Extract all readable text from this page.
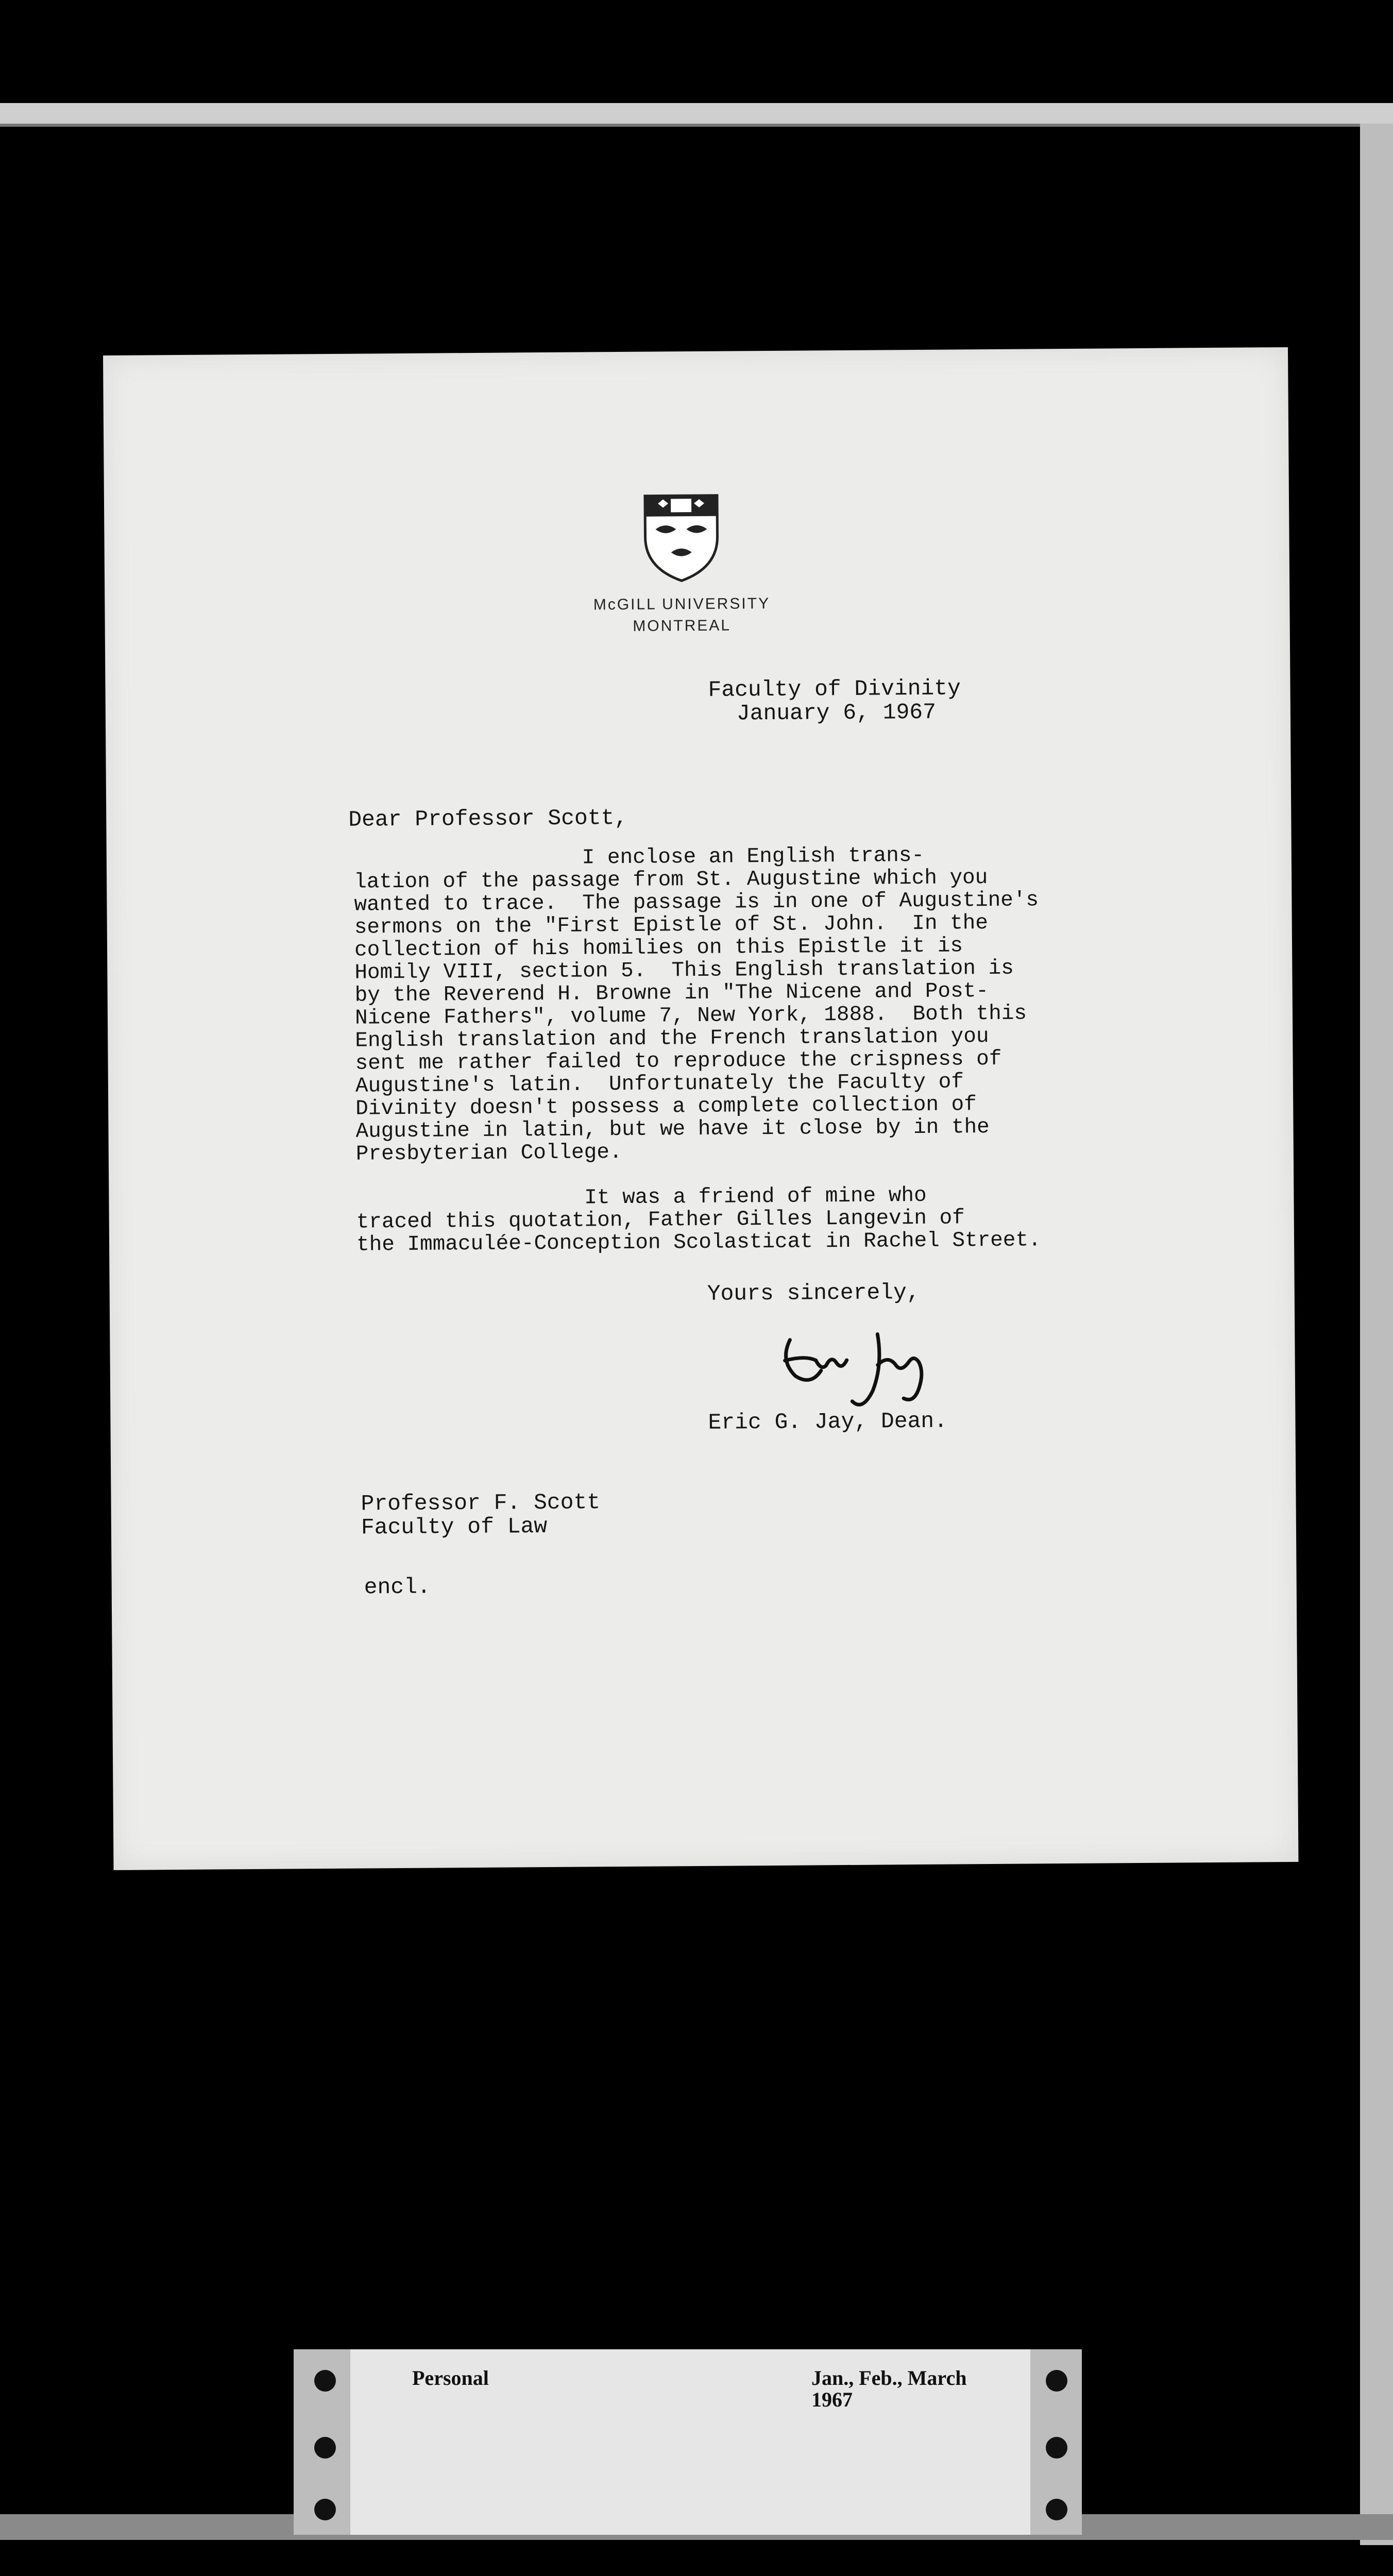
McGILL UNIVERSITY
MONTREAL
Faculty of Divinity
January 6, 1967
Dear Professor Scott,
I enclose an English trans-
lation of the passage from St. Augustine which you
wanted to trace.  The passage is in one of Augustine's
sermons on the "First Epistle of St. John.  In the
collection of his homilies on this Epistle it is
Homily VIII, section 5.  This English translation is
by the Reverend H. Browne in "The Nicene and Post-
Nicene Fathers", volume 7, New York, 1888.  Both this
English translation and the French translation you
sent me rather failed to reproduce the crispness of
Augustine's latin.  Unfortunately the Faculty of
Divinity doesn't possess a complete collection of
Augustine in latin, but we have it close by in the
Presbyterian College.
It was a friend of mine who
traced this quotation, Father Gilles Langevin of
the Immaculée-Conception Scolasticat in Rachel Street.
Yours sincerely,
Eric G. Jay, Dean.
Professor F. Scott
Faculty of Law
encl.
Personal	Jan., Feb., March
1967
